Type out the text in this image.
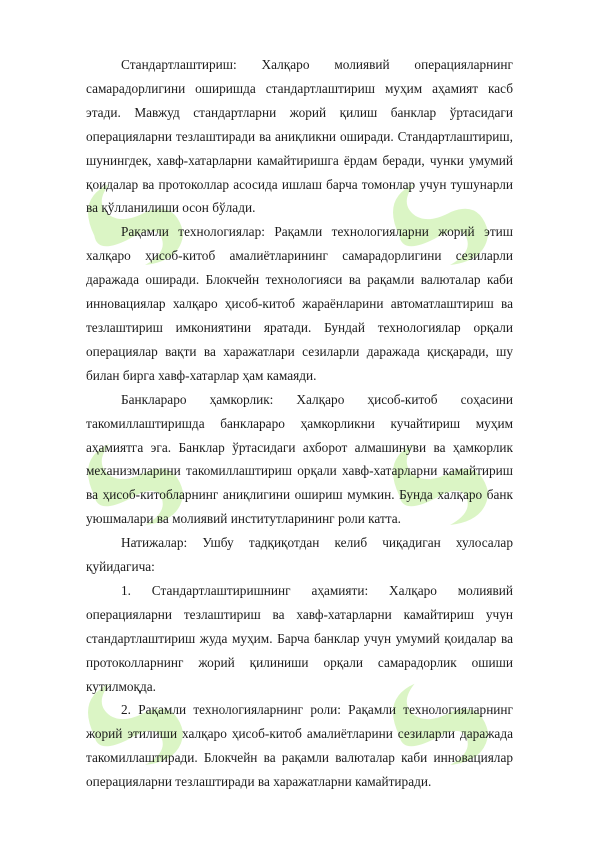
Стандартлаштириш: Халқаро молиявий операцияларнинг самарадорлигини оширишда стандартлаштириш муҳим аҳамият касб этади. Мавжуд стандартларни жорий қилиш банклар ўртасидаги операцияларни тезлаштиради ва аниқликни оширади. Стандартлаштириш, шунингдек, хавф-хатарларни камайтиришга ёрдам беради, чунки умумий қоидалар ва протоколлар асосида ишлаш барча томонлар учун тушунарли ва қўлланилиши осон бўлади.

Рақамли технологиялар: Рақамли технологияларни жорий этиш халқаро ҳисоб-китоб амалиётларининг самарадорлигини сезиларли даражада оширади. Блокчейн технологияси ва рақамли валюталар каби инновациялар халқаро ҳисоб-китоб жараёнларини автоматлаштириш ва тезлаштириш имкониятини яратади. Бундай технологиялар орқали операциялар вақти ва харажатлари сезиларли даражада қисқаради, шу билан бирга хавф-хатарлар ҳам камаяди.

Банклараро ҳамкорлик: Халқаро ҳисоб-китоб соҳасини такомиллаштиришда банклараро ҳамкорликни кучайтириш муҳим аҳамиятга эга. Банклар ўртасидаги ахборот алмашинуви ва ҳамкорлик механизмларини такомиллаштириш орқали хавф-хатарларни камайтириш ва ҳисоб-китобларнинг аниқлигини ошириш мумкин. Бунда халқаро банк уюшмалари ва молиявий институтларининг роли катта.

Натижалар: Ушбу тадқиқотдан келиб чиқадиган хулосалар қуйидагича:

1. Стандартлаштиришнинг аҳамияти: Халқаро молиявий операцияларни тезлаштириш ва хавф-хатарларни камайтириш учун стандартлаштириш жуда муҳим. Барча банклар учун умумий қоидалар ва протоколларнинг жорий қилиниши орқали самарадорлик ошиши кутилмоқда.

2. Рақамли технологияларнинг роли: Рақамли технологияларнинг жорий этилиши халқаро ҳисоб-китоб амалиётларини сезиларли даражада такомиллаштиради. Блокчейн ва рақамли валюталар каби инновациялар операцияларни тезлаштиради ва харажатларни камайтиради.
